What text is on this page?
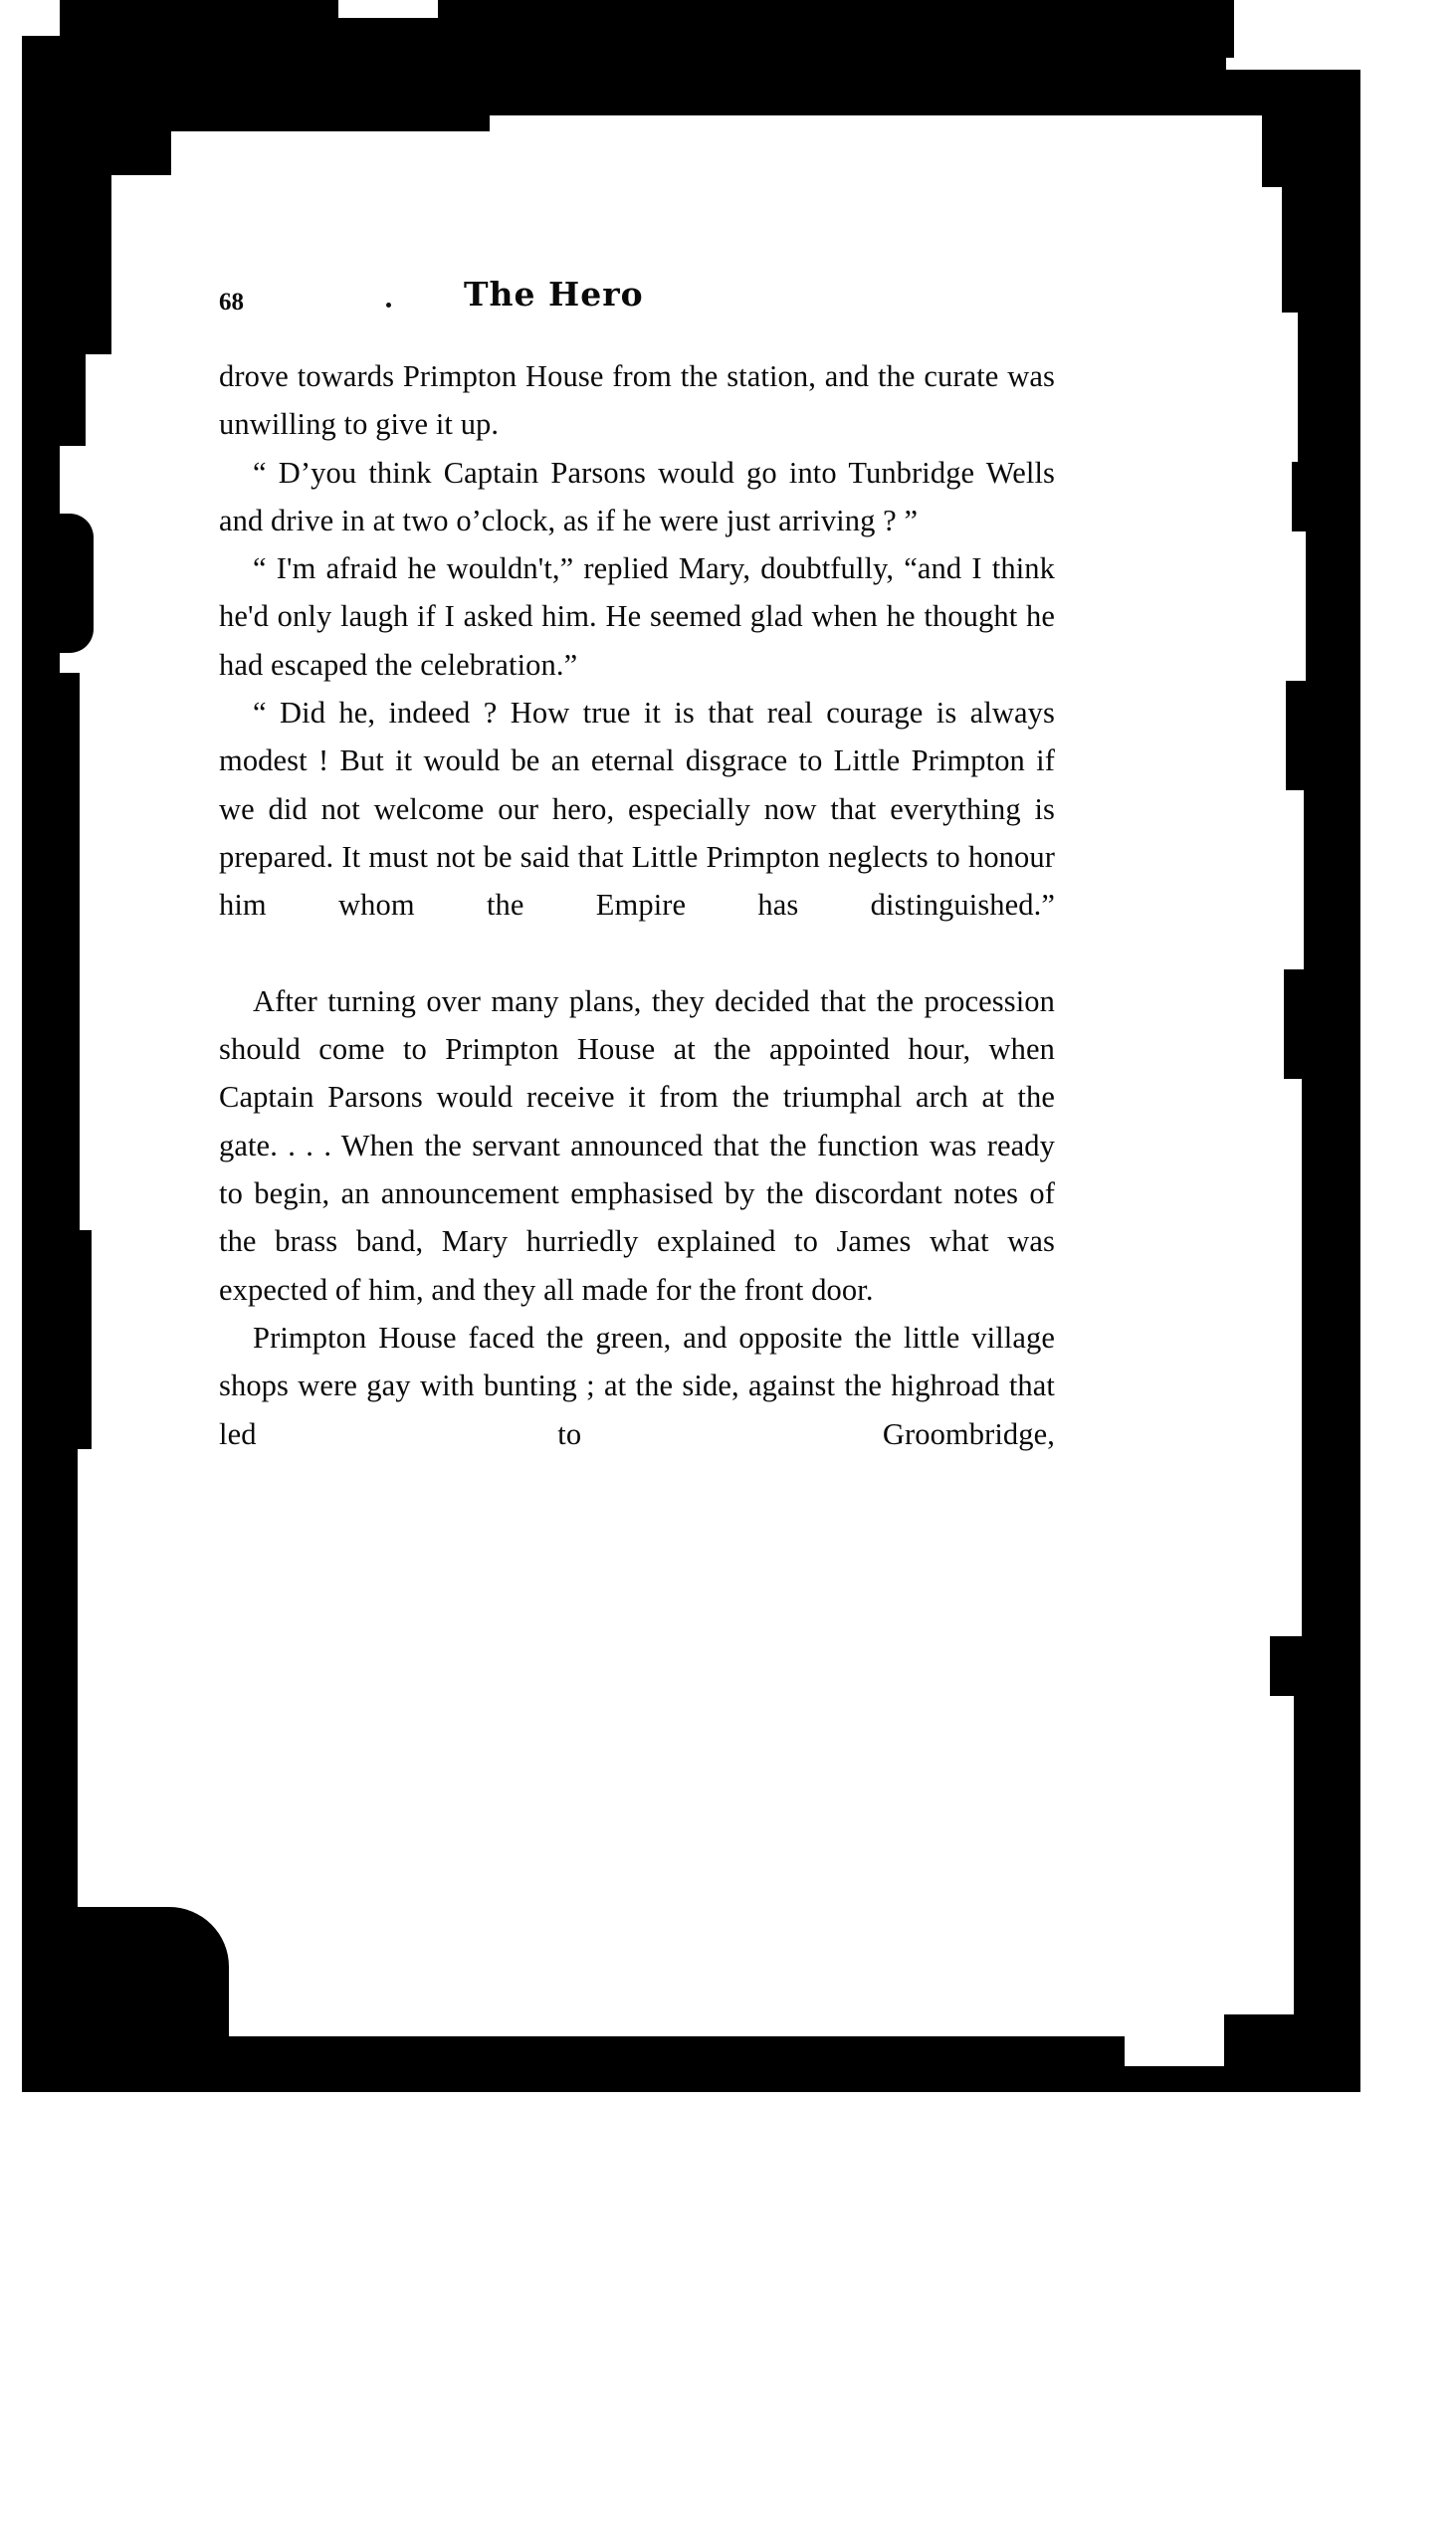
68	The Hero

drove towards Primpton House from the station, and the curate was unwilling to give it up.

“ D’you think Captain Parsons would go into Tunbridge Wells and drive in at two o’clock, as if he were just arriving ? ”

“ I'm afraid he wouldn't,” replied Mary, doubtfully, “and I think he'd only laugh if I asked him. He seemed glad when he thought he had escaped the celebration.”

“ Did he, indeed ? How true it is that real courage is always modest ! But it would be an eternal disgrace to Little Primpton if we did not welcome our hero, especially now that everything is prepared. It must not be said that Little Primpton neglects to honour him whom the Empire has distinguished.”

After turning over many plans, they decided that the procession should come to Primpton House at the appointed hour, when Captain Parsons would receive it from the triumphal arch at the gate. . . . When the servant announced that the function was ready to begin, an announcement emphasised by the discordant notes of the brass band, Mary hurriedly explained to James what was expected of him, and they all made for the front door.

Primpton House faced the green, and opposite the little village shops were gay with bunting ; at the side, against the highroad that led to Groombridge,
